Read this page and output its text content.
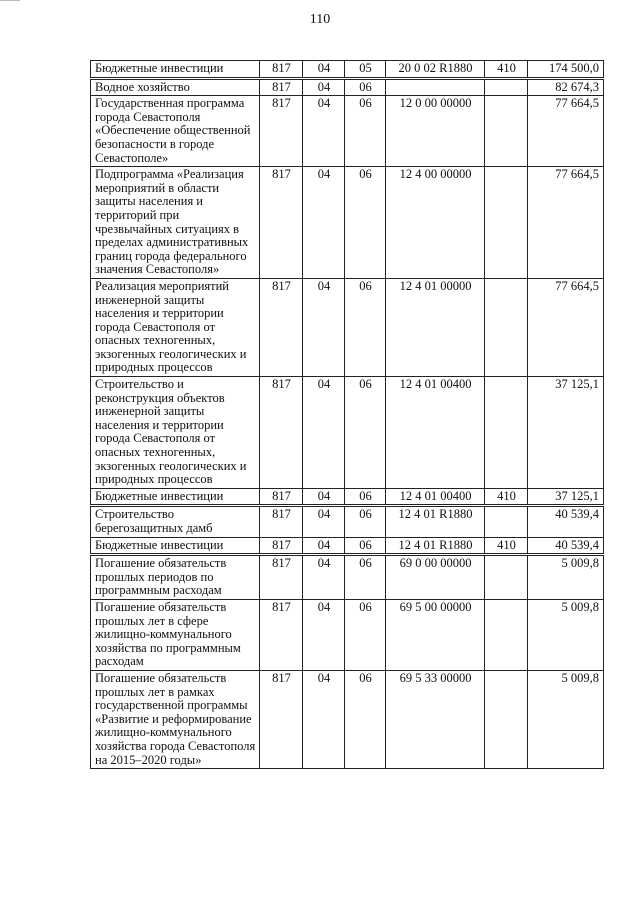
110
Бюджетные инвестиции	817	04	05	20 0 02 R1880	410	174 500,0
Водное хозяйство	817	04	06			82 674,3
Государственная программа города Севастополя «Обеспечение общественной безопасности в городе Севастополе»	817	04	06	12 0 00 00000		77 664,5
Подпрограмма «Реализация мероприятий в области защиты населения и территорий при чрезвычайных ситуациях в пределах административных границ города федерального значения Севастополя»	817	04	06	12 4 00 00000		77 664,5
Реализация мероприятий инженерной защиты населения и территории города Севастополя от опасных техногенных, экзогенных геологических и природных процессов	817	04	06	12 4 01 00000		77 664,5
Строительство и реконструкция объектов инженерной защиты населения и территории города Севастополя от опасных техногенных, экзогенных геологических и природных процессов	817	04	06	12 4 01 00400		37 125,1
Бюджетные инвестиции	817	04	06	12 4 01 00400	410	37 125,1
Строительство берегозащитных дамб	817	04	06	12 4 01 R1880		40 539,4
Бюджетные инвестиции	817	04	06	12 4 01 R1880	410	40 539,4
Погашение обязательств прошлых периодов по программным расходам	817	04	06	69 0 00 00000		5 009,8
Погашение обязательств прошлых лет в сфере жилищно-коммунального хозяйства по программным расходам	817	04	06	69 5 00 00000		5 009,8
Погашение обязательств прошлых лет в рамках государственной программы «Развитие и реформирование жилищно-коммунального хозяйства города Севастополя на 2015–2020 годы»	817	04	06	69 5 33 00000		5 009,8
